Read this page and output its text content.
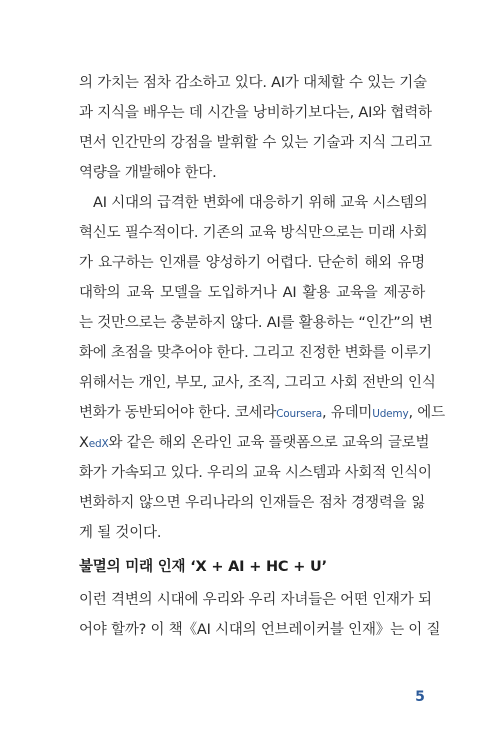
의 가치는 점차 감소하고 있다. AI가 대체할 수 있는 기술
과 지식을 배우는 데 시간을 낭비하기보다는, AI와 협력하
면서 인간만의 강점을 발휘할 수 있는 기술과 지식 그리고
역량을 개발해야 한다.
AI 시대의 급격한 변화에 대응하기 위해 교육 시스템의
혁신도 필수적이다. 기존의 교육 방식만으로는 미래 사회
가 요구하는 인재를 양성하기 어렵다. 단순히 해외 유명
대학의 교육 모델을 도입하거나 AI 활용 교육을 제공하
는 것만으로는 충분하지 않다. AI를 활용하는 “인간”의 변
화에 초점을 맞추어야 한다. 그리고 진정한 변화를 이루기
위해서는 개인, 부모, 교사, 조직, 그리고 사회 전반의 인식
변화가 동반되어야 한다. 코세라Coursera, 유데미Udemy, 에드
XedX와 같은 해외 온라인 교육 플랫폼으로 교육의 글로벌
화가 가속되고 있다. 우리의 교육 시스템과 사회적 인식이
변화하지 않으면 우리나라의 인재들은 점차 경쟁력을 잃
게 될 것이다.
불멸의 미래 인재 ‘X + AI + HC + U’
이런 격변의 시대에 우리와 우리 자녀들은 어떤 인재가 되
어야 할까? 이 책《AI 시대의 언브레이커블 인재》는 이 질
5
